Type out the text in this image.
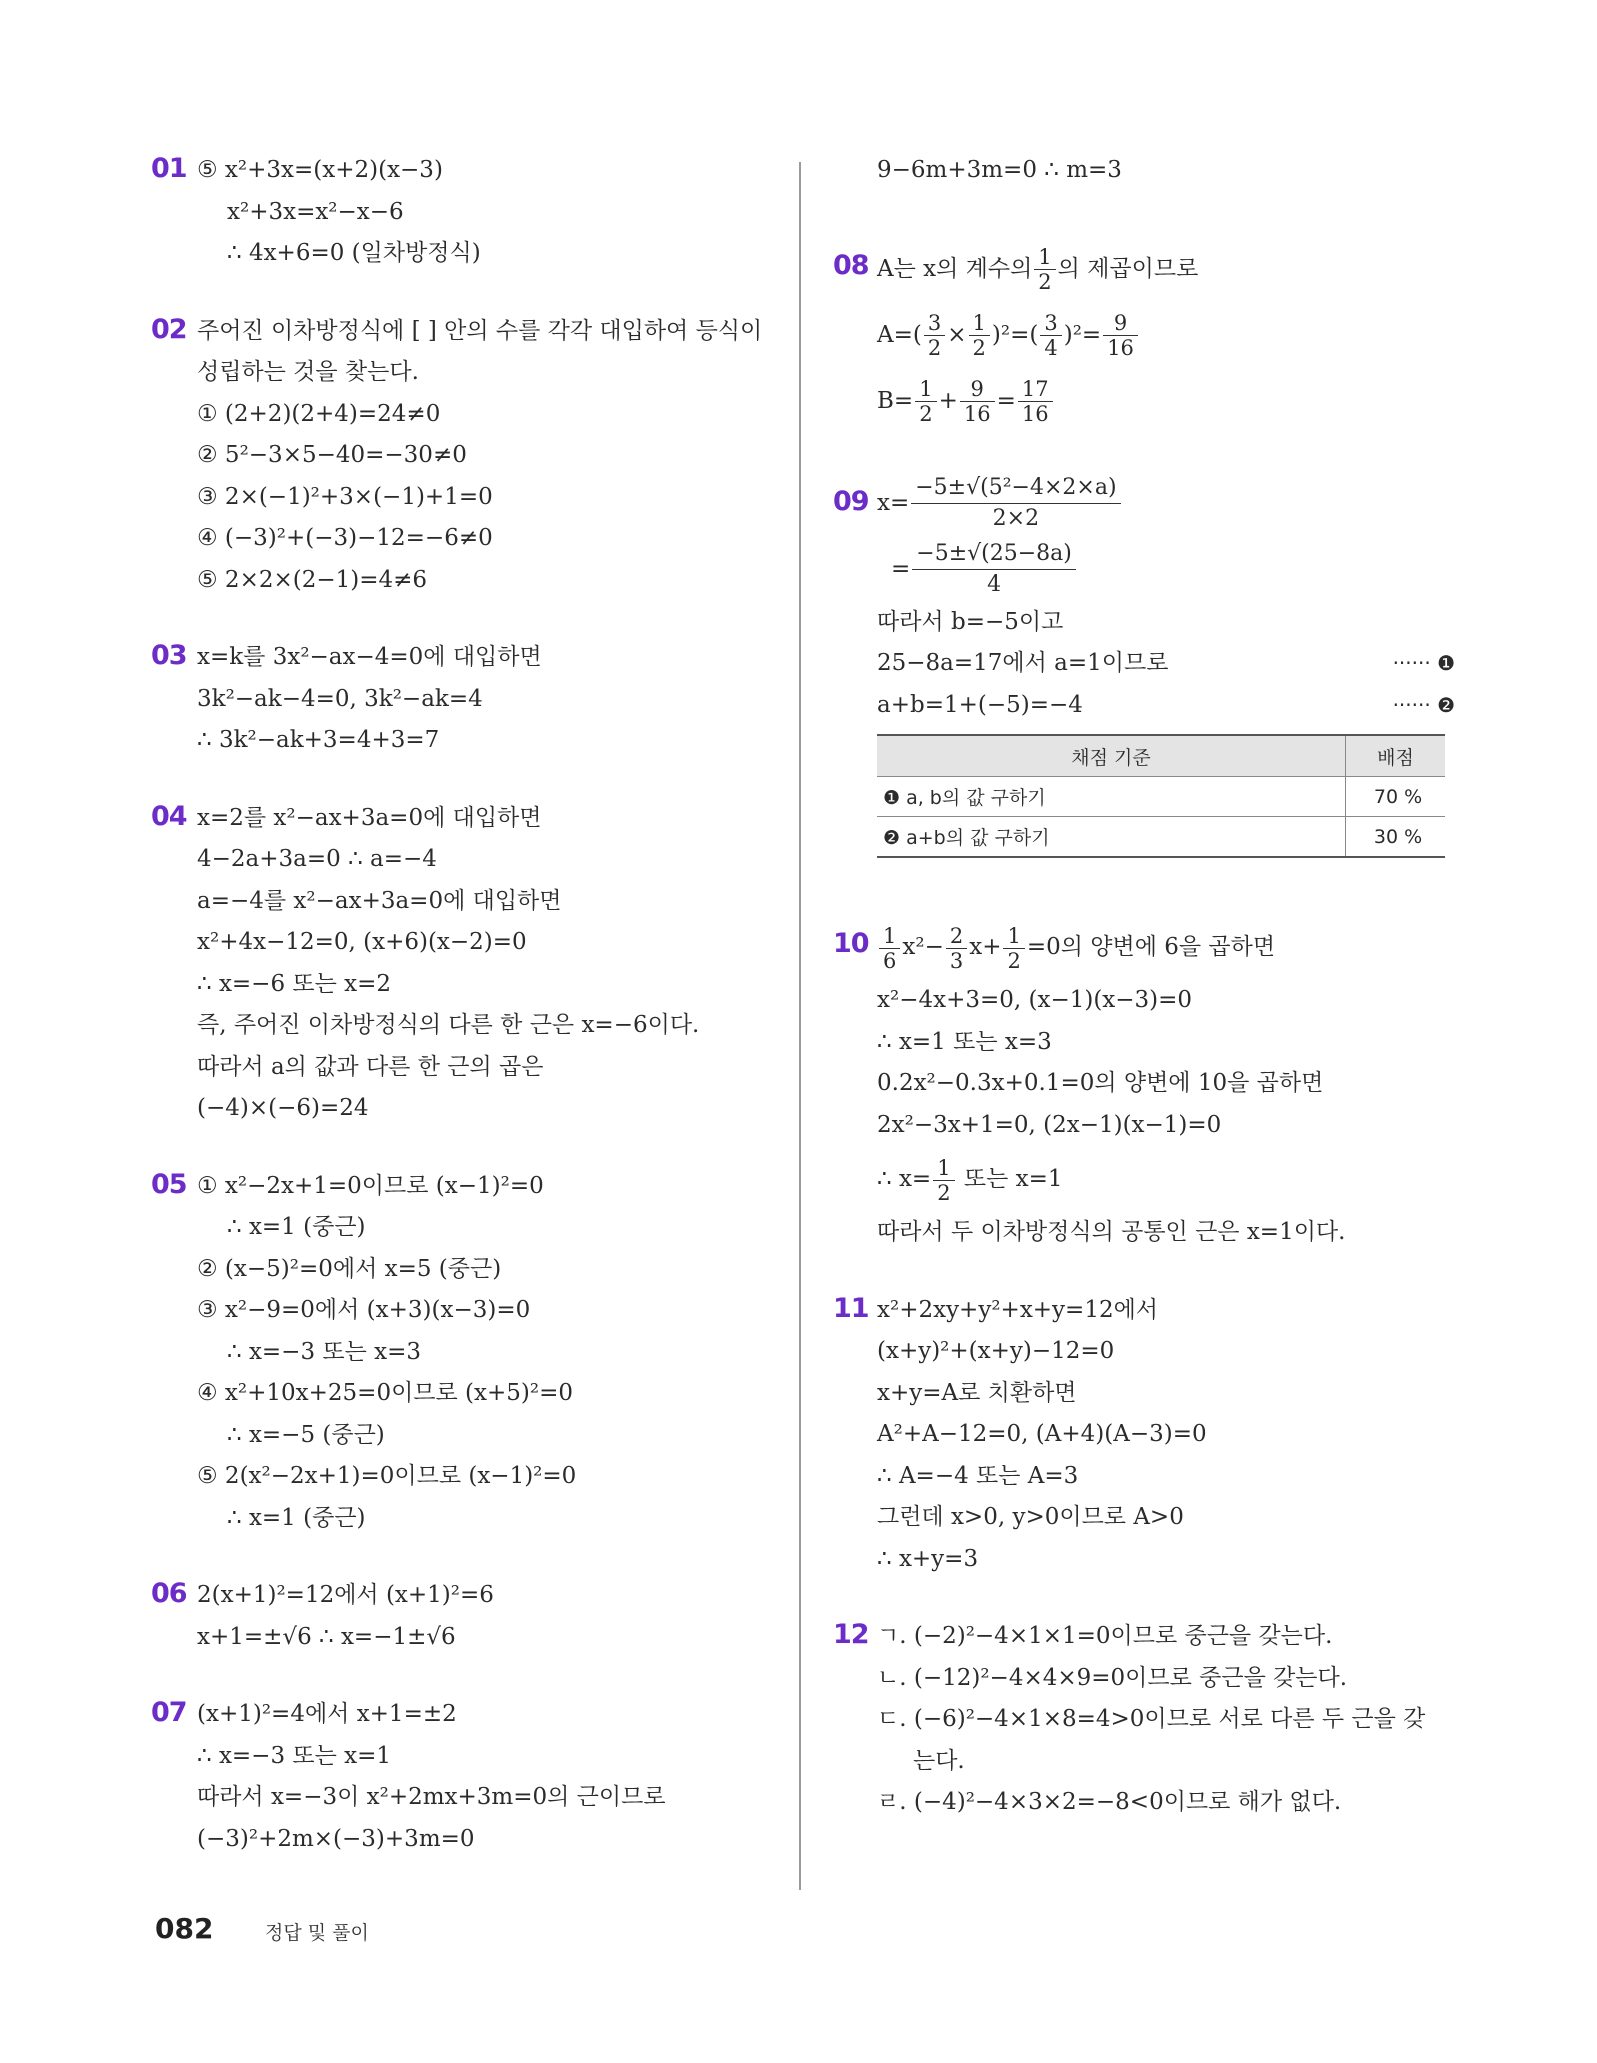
01 ⑤ x²+3x=(x+2)(x−3)
x²+3x=x²−x−6
∴ 4x+6=0 (일차방정식)
02 주어진 이차방정식에 [ ] 안의 수를 각각 대입하여 등식이
성립하는 것을 찾는다.
① (2+2)(2+4)=24≠0
② 5²−3×5−40=−30≠0
③ 2×(−1)²+3×(−1)+1=0
④ (−3)²+(−3)−12=−6≠0
⑤ 2×2×(2−1)=4≠6
03 x=k를 3x²−ax−4=0에 대입하면
3k²−ak−4=0, 3k²−ak=4
∴ 3k²−ak+3=4+3=7
04 x=2를 x²−ax+3a=0에 대입하면
4−2a+3a=0 ∴ a=−4
a=−4를 x²−ax+3a=0에 대입하면
x²+4x−12=0, (x+6)(x−2)=0
∴ x=−6 또는 x=2
즉, 주어진 이차방정식의 다른 한 근은 x=−6이다.
따라서 a의 값과 다른 한 근의 곱은
(−4)×(−6)=24
05 ① x²−2x+1=0이므로 (x−1)²=0
∴ x=1 (중근)
② (x−5)²=0에서 x=5 (중근)
③ x²−9=0에서 (x+3)(x−3)=0
∴ x=−3 또는 x=3
④ x²+10x+25=0이므로 (x+5)²=0
∴ x=−5 (중근)
⑤ 2(x²−2x+1)=0이므로 (x−1)²=0
∴ x=1 (중근)
06 2(x+1)²=12에서 (x+1)²=6
x+1=±√6 ∴ x=−1±√6
07 (x+1)²=4에서 x+1=±2
∴ x=−3 또는 x=1
따라서 x=−3이 x²+2mx+3m=0의 근이므로
(−3)²+2m×(−3)+3m=0
9−6m+3m=0 ∴ m=3
08 A는 x의 계수의 $\frac{1}{2}$ 의 제곱이므로
$A=( \frac{3}{2} \times \frac{1}{2} )^2=( \frac{3}{4} )^2= \frac{9}{16}$
$B= \frac{1}{2} + \frac{9}{16} = \frac{17}{16}$
09 $x= \frac{\text{−5±√(5²−4×2×a)}}{2\times 2}$
= $\frac{-5\pm√(25-8a)}{4}$
따라서 b=−5이고
25−8a=17에서 a=1이므로	······ ❶
a+b=1+(−5)=−4	······ ❷
채점 기준	배점
❶ a, b의 값 구하기	70 %
❷ a+b의 값 구하기	30 %
$10 \frac{1}{6} x^2- \frac{2}{3} x+ \frac{1}{2} =0$의 양변에 6을 곱하면
x²−4x+3=0, (x−1)(x−3)=0
∴ x=1 또는 x=3
0.2x²−0.3x+0.1=0의 양변에 10을 곱하면
2x²−3x+1=0, (2x−1)(x−1)=0
∴ $x= \frac{1}{2}$ 또는 x=1
따라서 두 이차방정식의 공통인 근은 x=1이다.
11 x²+2xy+y²+x+y=12에서
(x+y)²+(x+y)−12=0
x+y=A로 치환하면
A²+A−12=0, (A+4)(A−3)=0
∴ A=−4 또는 A=3
그런데 x>0, y>0이므로 A>0
∴ x+y=3
12 ㄱ. (−2)²−4×1×1=0이므로 중근을 갖는다.
ㄴ. (−12)²−4×4×9=0이므로 중근을 갖는다.
ㄷ. (−6)²−4×1×8=4>0이므로 서로 다른 두 근을 갖
는다.
ㄹ. (−4)²−4×3×2=−8<0이므로 해가 없다.
082	정답 및 풀이
